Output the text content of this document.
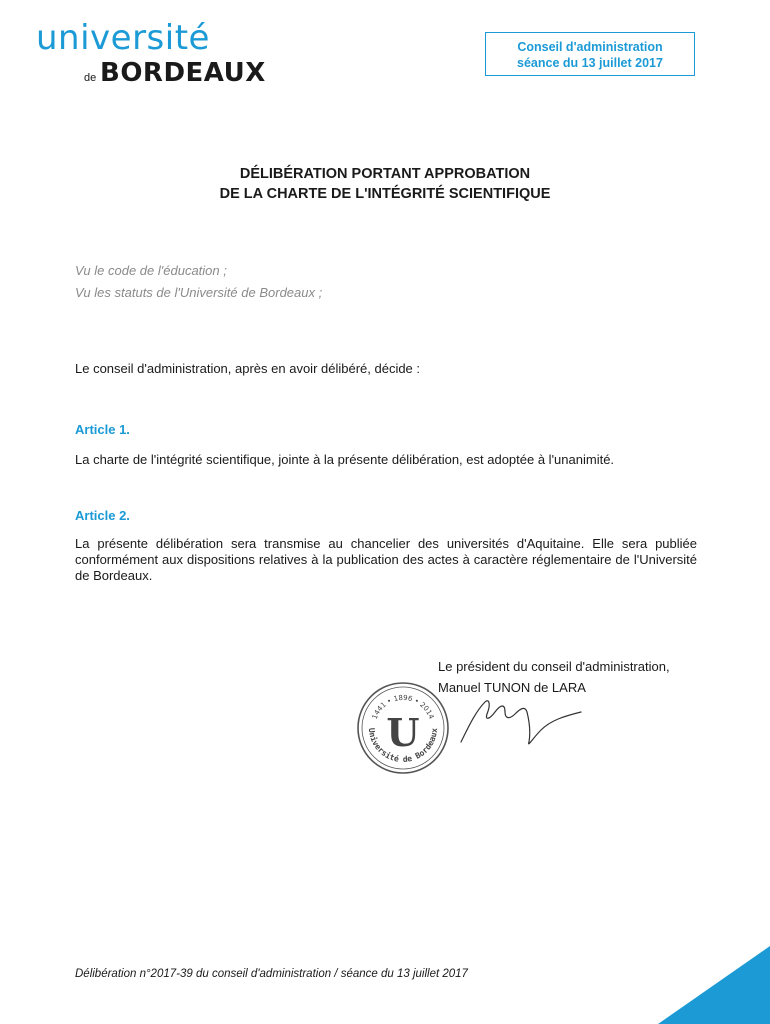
université
de BORDEAUX
Conseil d'administration
séance du 13 juillet 2017
DÉLIBÉRATION PORTANT APPROBATION
DE LA CHARTE DE L'INTÉGRITÉ SCIENTIFIQUE
Vu le code de l'éducation ;
Vu les statuts de l'Université de Bordeaux ;
Le conseil d'administration, après en avoir délibéré, décide :
Article 1.
La charte de l'intégrité scientifique, jointe à la présente délibération, est adoptée à l'unanimité.
Article 2.
La présente délibération sera transmise au chancelier des universités d'Aquitaine. Elle sera publiée conformément aux dispositions relatives à la publication des actes à caractère réglementaire de l'Université de Bordeaux.
Le président du conseil d'administration,
Manuel TUNON de LARA
1441 • 1896 • 2014
Université de Bordeaux
U
Délibération n°2017-39 du conseil d'administration / séance du 13 juillet 2017
